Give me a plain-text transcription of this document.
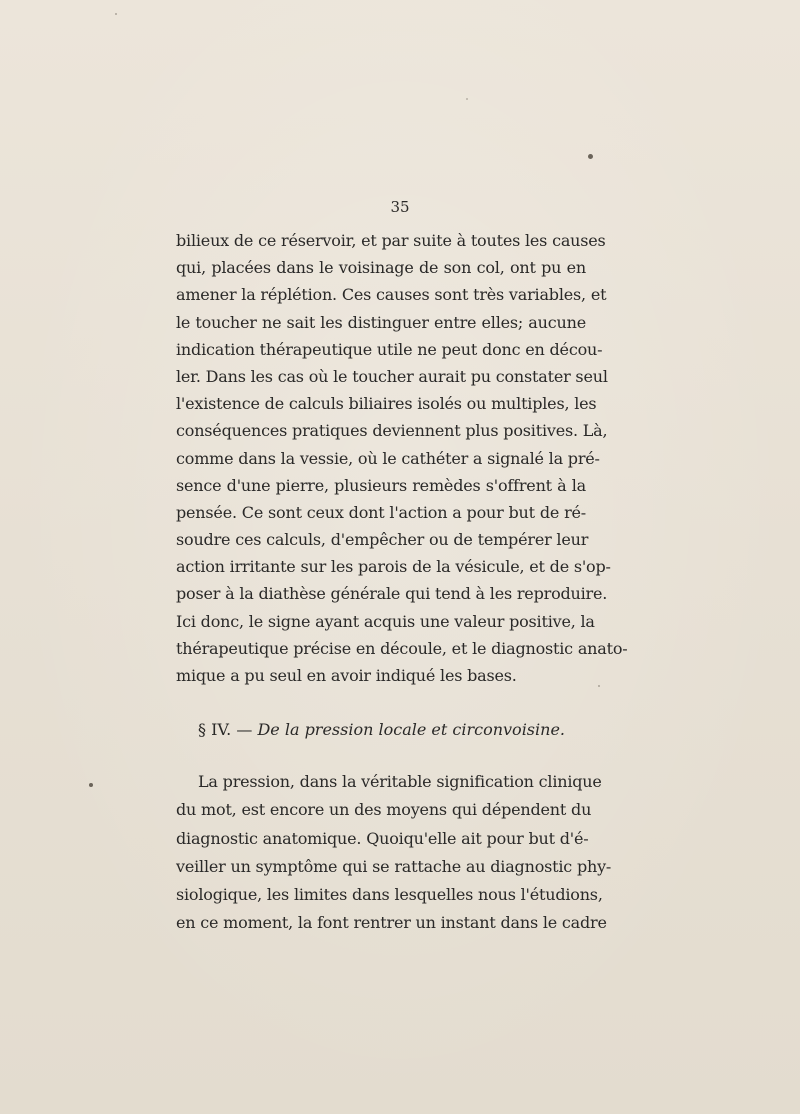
35

bilieux de ce réservoir, et par suite à toutes les causes
qui, placées dans le voisinage de son col, ont pu en
amener la réplétion. Ces causes sont très variables, et
le toucher ne sait les distinguer entre elles; aucune
indication thérapeutique utile ne peut donc en décou-
ler. Dans les cas où le toucher aurait pu constater seul
l'existence de calculs biliaires isolés ou multiples, les
conséquences pratiques deviennent plus positives. Là,
comme dans la vessie, où le cathéter a signalé la pré-
sence d'une pierre, plusieurs remèdes s'offrent à la
pensée. Ce sont ceux dont l'action a pour but de ré-
soudre ces calculs, d'empêcher ou de tempérer leur
action irritante sur les parois de la vésicule, et de s'op-
poser à la diathèse générale qui tend à les reproduire.
Ici donc, le signe ayant acquis une valeur positive, la
thérapeutique précise en découle, et le diagnostic anato-
mique a pu seul en avoir indiqué les bases.

§ IV. — De la pression locale et circonvoisine.

La pression, dans la véritable signification clinique
du mot, est encore un des moyens qui dépendent du
diagnostic anatomique. Quoiqu'elle ait pour but d'é-
veiller un symptôme qui se rattache au diagnostic phy-
siologique, les limites dans lesquelles nous l'étudions,
en ce moment, la font rentrer un instant dans le cadre
